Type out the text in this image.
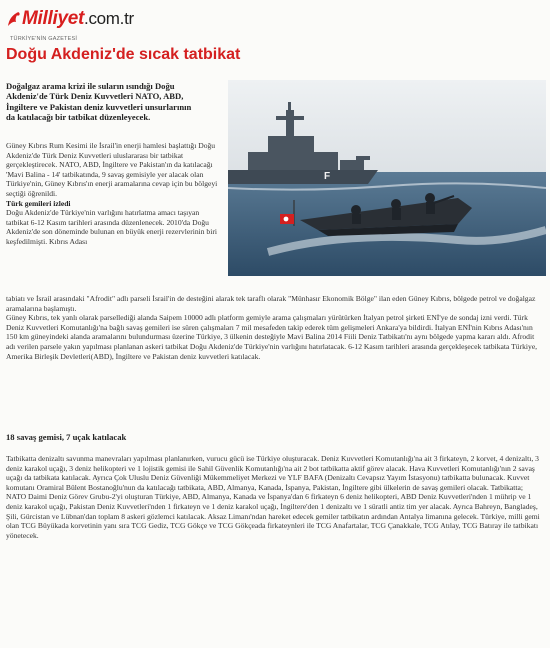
Milliyet.com.tr
TÜRKİYE'NİN GAZETESİ
Doğu Akdeniz'de sıcak tatbikat

Doğalgaz arama krizi ile suların ısındığı Doğu Akdeniz'de Türk Deniz Kuvvetleri NATO, ABD, İngiltere ve Pakistan deniz kuvvetleri unsurlarının da katılacağı bir tatbikat düzenleyecek.

F

Güney Kıbrıs Rum Kesimi ile İsrail'in enerji hamlesi başlattığı Doğu Akdeniz'de Türk Deniz Kuvvetleri uluslararası bir tatbikat gerçekleştirecek. NATO, ABD, İngiltere ve Pakistan'ın da katılacağı 'Mavi Balina - 14' tatbikatında, 9 savaş gemisiyle yer alacak olan Türkiye'nin, Güney Kıbrıs'ın enerji aramalarına cevap için bu bölgeyi seçtiği öğrenildi.

Türk gemileri izledi

Doğu Akdeniz'de Türkiye'nin varlığını hatırlatma amacı taşıyan tatbikat 6-12 Kasım tarihleri arasında düzenlenecek. 2010'da Doğu Akdeniz'de son döneminde bulunan en büyük enerji rezervlerinin biri keşfedilmişti. Kıbrıs Adası

tabiatı ve İsrail arasındaki "Afrodit" adlı parseli İsrail'in de desteğini alarak tek taraflı olarak "Münhasır Ekonomik Bölge" ilan eden Güney Kıbrıs, bölgede petrol ve doğalgaz aramalarına başlamıştı.

Güney Kıbrıs, tek yanlı olarak parsellediği alanda Saipem 10000 adlı platform gemiyle arama çalışmaları yürütürken İtalyan petrol şirketi ENİ'ye de sondaj izni verdi. Türk Deniz Kuvvetleri Komutanlığı'na bağlı savaş gemileri ise süren çalışmaları 7 mil mesafeden takip ederek tüm gelişmeleri Ankara'ya bildirdi. İtalyan ENİ'nin Kıbrıs Adası'nın 150 km güneyindeki alanda aramalarını bulundurması üzerine Türkiye, 3 ülkenin desteğiyle Mavi Balina 2014 Fiili Deniz Tatbikatı'nı aynı bölgede yapma kararı aldı. Afrodit adı verilen parsele yakın yapılması planlanan askeri tatbikat Doğu Akdeniz'de Türkiye'nin varlığını hatırlatacak. 6-12 Kasım tarihleri arasında gerçekleşecek tatbikata Türkiye, Amerika Birleşik Devletleri(ABD), İngiltere ve Pakistan deniz kuvvetleri katılacak.

18 savaş gemisi, 7 uçak katılacak

Tatbikatta denizaltı savunma manevraları yapılması planlanırken, vurucu gücü ise Türkiye oluşturacak. Deniz Kuvvetleri Komutanlığı'na ait 3 firkateyn, 2 korvet, 4 denizaltı, 3 deniz karakol uçağı, 3 deniz helikopteri ve 1 lojistik gemisi ile Sahil Güvenlik Komutanlığı'na ait 2 bot tatbikatta aktif görev alacak. Hava Kuvvetleri Komutanlığı'nın 2 savaş uçağı da tatbikata katılacak. Ayrıca Çok Uluslu Deniz Güvenliği Mükemmeliyet Merkezi ve YLF BAFA (Denizaltı Cevapsız Yayım İstasyonu) tatbikatta bulunacak. Kuvvet komutanı Oramiral Bülent Bostanoğlu'nun da katılacağı tatbikata, ABD, Almanya, Kanada, İspanya, Pakistan, İngiltere gibi ülkelerin de savaş gemileri olacak. Tatbikatta; NATO Daimi Deniz Görev Grubu-2'yi oluşturan Türkiye, ABD, Almanya, Kanada ve İspanya'dan 6 firkateyn 6 deniz helikopteri, ABD Deniz Kuvvetleri'nden 1 mührip ve 1 deniz karakol uçağı, Pakistan Deniz Kuvvetleri'nden 1 firkateyn ve 1 deniz karakol uçağı, İngiltere'den 1 denizaltı ve 1 süratli antiz tim yer alacak. Ayrıca Bahreyn, Bangladeş, Şili, Gürcistan ve Lübnan'dan toplam 8 askeri gözlemci katılacak. Aksaz Limanı'ndan hareket edecek gemiler tatbikatın ardından Antalya limanına gelecek. Türkiye, milli gemi olan TCG Büyükada korvetinin yanı sıra TCG Gediz, TCG Gökçe ve TCG Gökçeada firkateynleri ile TCG Anafartalar, TCG Çanakkale, TCG Atılay, TCG Batıray ile tatbikatı yönetecek.
